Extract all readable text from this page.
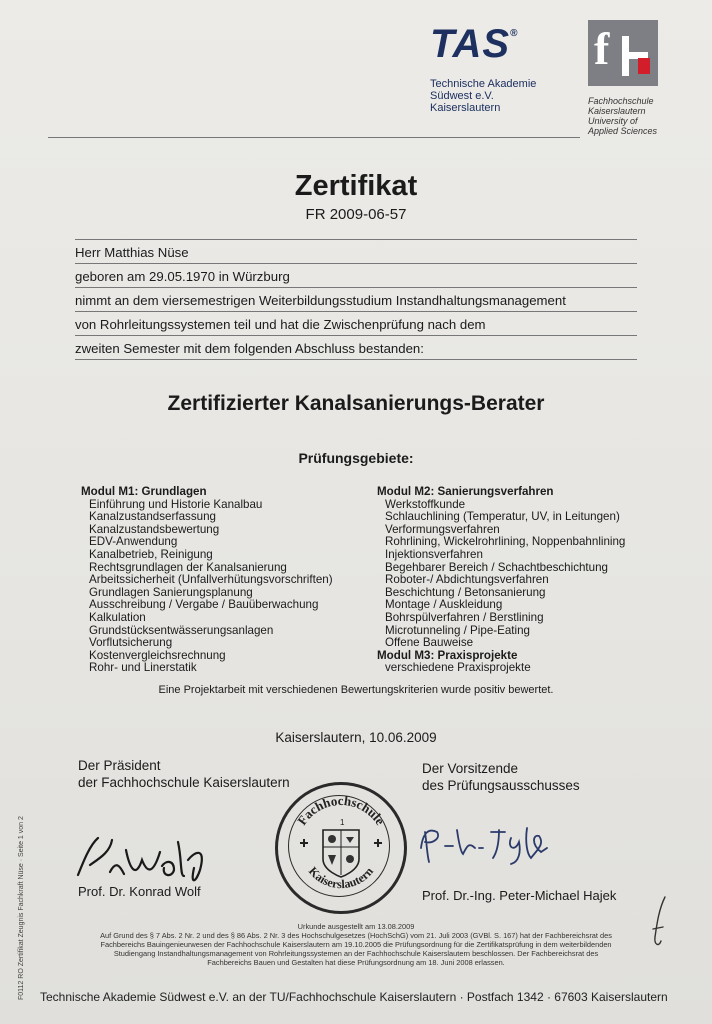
TAS®
Technische Akademie
Südwest e.V.
Kaiserslautern
f
Fachhochschule
Kaiserslautern
University of
Applied Sciences
Zertifikat
FR 2009-06-57
Herr Matthias Nüse
geboren am 29.05.1970 in Würzburg
nimmt an dem viersemestrigen Weiterbildungsstudium Instandhaltungsmanagement
von Rohrleitungssystemen teil und hat die Zwischenprüfung nach dem
zweiten Semester mit dem folgenden Abschluss bestanden:
Zertifizierter Kanalsanierungs-Berater
Prüfungsgebiete:
Modul M1: Grundlagen
Einführung und Historie Kanalbau
Kanalzustandserfassung
Kanalzustandsbewertung
EDV-Anwendung
Kanalbetrieb, Reinigung
Rechtsgrundlagen der Kanalsanierung
Arbeitssicherheit (Unfallverhütungsvorschriften)
Grundlagen Sanierungsplanung
Ausschreibung / Vergabe / Bauüberwachung
Kalkulation
Grundstücksentwässerungsanlagen
Vorflutsicherung
Kostenvergleichsrechnung
Rohr- und Linerstatik
Modul M2: Sanierungsverfahren
Werkstoffkunde
Schlauchlining (Temperatur, UV, in Leitungen)
Verformungsverfahren
Rohrlining, Wickelrohrlining, Noppenbahnlining
Injektionsverfahren
Begehbarer Bereich / Schachtbeschichtung
Roboter-/ Abdichtungsverfahren
Beschichtung / Betonsanierung
Montage / Auskleidung
Bohrspülverfahren / Berstlining
Microtunneling / Pipe-Eating
Offene Bauweise
Modul M3: Praxisprojekte
verschiedene Praxisprojekte
Eine Projektarbeit mit verschiedenen Bewertungskriterien wurde positiv bewertet.
Kaiserslautern, 10.06.2009
Der Präsident
der Fachhochschule Kaiserslautern
Der Vorsitzende
des Prüfungsausschusses
Prof. Dr. Konrad Wolf	Prof. Dr.-Ing. Peter-Michael Hajek
Fachhochschule
Kaiserslautern
1
Urkunde ausgestellt am 13.08.2009
Auf Grund des § 7 Abs. 2 Nr. 2 und des § 86 Abs. 2 Nr. 3 des Hochschulgesetzes (HochSchG) vom 21. Juli 2003 (GVBl. S. 167) hat der Fachbereichsrat des
Fachbereichs Bauingenieurwesen der Fachhochschule Kaiserslautern am 19.10.2005 die Prüfungsordnung für die Zertifikatsprüfung in dem weiterbildenden
Studiengang Instandhaltungsmanagement von Rohrleitungssystemen an der Fachhochschule Kaiserslautern beschlossen. Der Fachbereichsrat des
Fachbereichs Bauen und Gestalten hat diese Prüfungsordnung am 18. Juni 2008 erlassen.
F0112 RO Zertifikat Zeugnis Fachkraft Nüse · Seite 1 von 2 Technische Akademie Südwest e.V. an der TU/Fachhochschule Kaiserslautern · Postfach 1342 · 67603 Kaiserslautern
